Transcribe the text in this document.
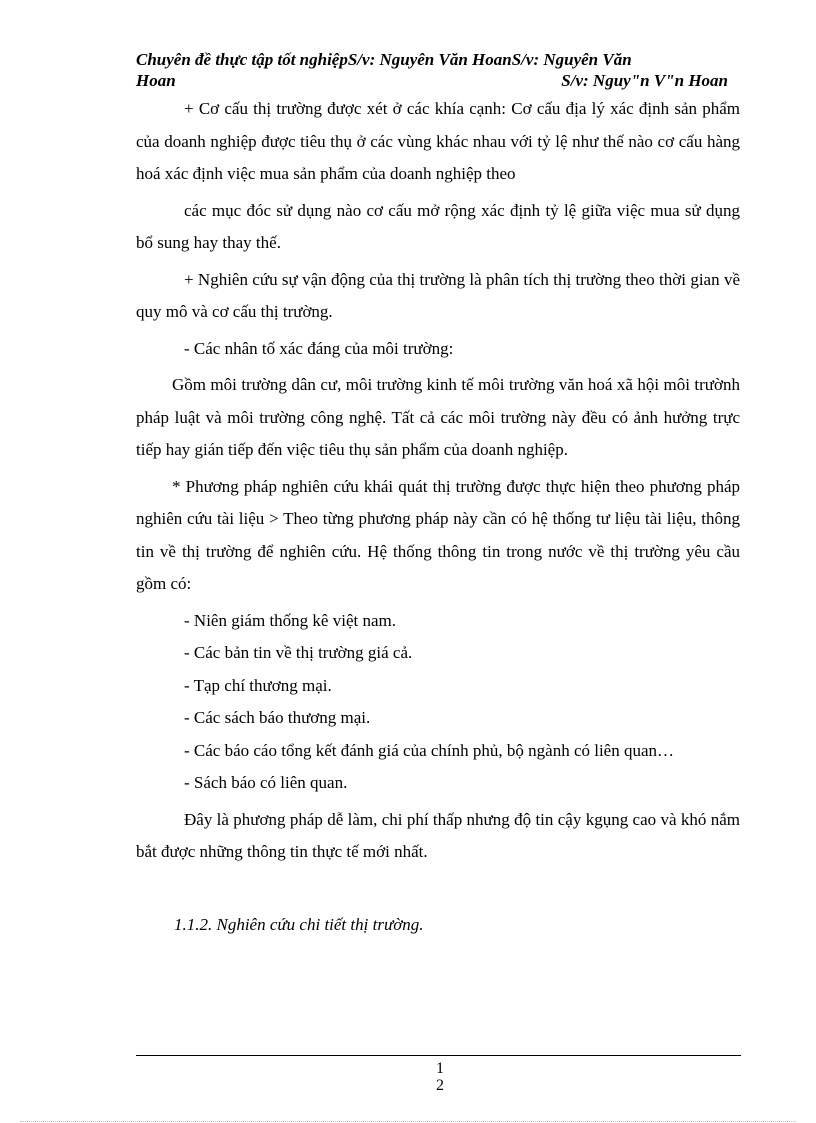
Chuyên đề thực tập tốt nghiệpS/v: Nguyên Văn HoanS/v: Nguyên Văn
Hoan	S/v: Nguy"n V"n Hoan

+ Cơ cấu thị trường được xét ở các khía cạnh: Cơ cấu địa lý xác định sản phẩm của doanh nghiệp được tiêu thụ ở các vùng khác nhau với tỷ lệ như thế nào cơ cấu hàng hoá xác định việc mua sản phẩm của doanh nghiệp theo

các mục đóc sử dụng nào cơ cấu mở rộng xác định tỷ lệ giữa việc mua sử dụng bổ sung hay thay thế.

+ Nghiên cứu sự vận động của thị trường là phân tích thị trường theo thời gian về quy mô và cơ cấu thị trường.

- Các nhân tố xác đáng của môi trường:

Gồm môi trường dân cư, môi trường kinh tế môi trường văn hoá xã hội môi trườnh pháp luật và môi trường công nghệ. Tất cả các môi trường này đều có ảnh hưởng trực tiếp hay gián tiếp đến việc tiêu thụ sản phẩm của doanh nghiệp.

* Phương pháp nghiên cứu khái quát thị trường được thực hiện theo phương pháp nghiên cứu tài liệu > Theo từng phương pháp này cần có hệ thống tư liệu tài liệu, thông tin về thị trường để nghiên cứu. Hệ thống thông tin trong nước về thị trường yêu cầu gồm có:

- Niên giám thống kê việt nam.
- Các bản tin về thị trường giá cả.
- Tạp chí thương mại.
- Các sách báo thương mại.
- Các báo cáo tổng kết đánh giá của chính phủ, bộ ngành có liên quan…
- Sách báo có liên quan.

Đây là phương pháp dễ làm, chi phí thấp nhưng độ tin cậy kgụng cao và khó nắm bắt được những thông tin thực tế mới nhất.

1.1.2. Nghiên cứu chi tiết thị trường.
1
2
